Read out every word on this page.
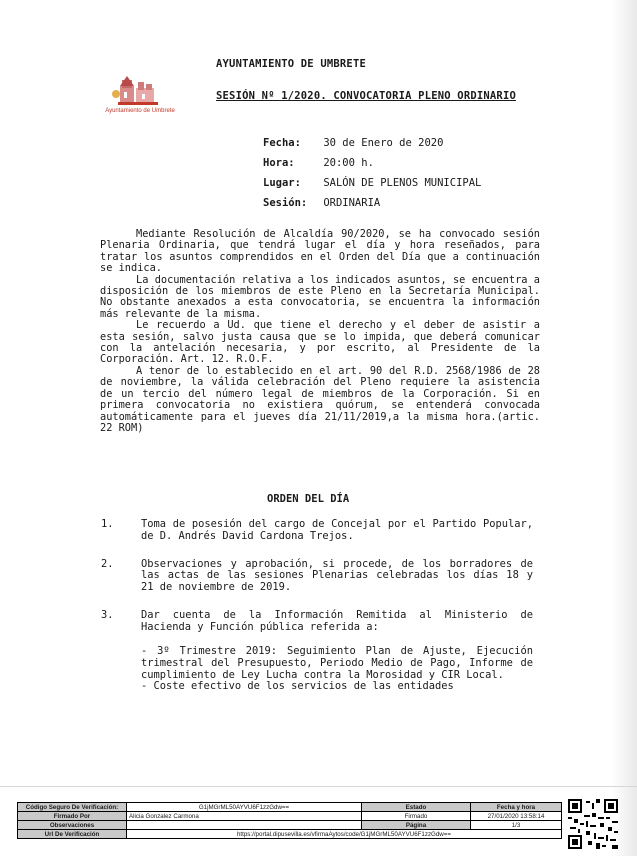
Ayuntamiento de Umbrete
AYUNTAMIENTO DE UMBRETE
SESIÓN Nº 1/2020. CONVOCATORIA PLENO ORDINARIO
Fecha: 30 de Enero de 2020
Hora:	20:00 h.
Lugar: SALÓN DE PLENOS MUNICIPAL
Sesión: ORDINARIA

Mediante Resolución de Alcaldía 90/2020, se ha convocado sesión Plenaria Ordinaria, que tendrá lugar el día y hora reseñados, para tratar los asuntos comprendidos en el Orden del Día que a continuación se indica.

La documentación relativa a los indicados asuntos, se encuentra a disposición de los miembros de este Pleno en la Secretaría Municipal. No obstante anexados a esta convocatoria, se encuentra la información más relevante de la misma.

Le recuerdo a Ud. que tiene el derecho y el deber de asistir a esta sesión, salvo justa causa que se lo impida, que deberá comunicar con la antelación necesaria, y por escrito, al Presidente de la Corporación. Art. 12. R.O.F.

A tenor de lo establecido en el art. 90 del R.D. 2568/1986 de 28 de noviembre, la válida celebración del Pleno requiere la asistencia de un tercio del número legal de miembros de la Corporación. Si en primera convocatoria no existiera quórum, se entenderá convocada automáticamente para el jueves día 21/11/2019,a la misma hora.(artic. 22 ROM)

ORDEN DEL DÍA
1.	Toma de posesión del cargo de Concejal por el Partido Popular, de D. Andrés David Cardona Trejos.
2.	Observaciones y aprobación, si procede, de los borradores de las actas de las sesiones Plenarias celebradas los días 18 y 21 de noviembre de 2019.
3.	Dar cuenta de la Información Remitida al Ministerio de Hacienda y Función pública referida a:

- 3º Trimestre 2019: Seguimiento Plan de Ajuste, Ejecución trimestral del Presupuesto, Periodo Medio de Pago, Informe de cumplimiento de Ley Lucha contra la Morosidad y CIR Local.

- Coste efectivo de los servicios de las entidades

Código Seguro De Verificación:	G1jMGrML50AYVU6F1zzGdw==	Estado	Fecha y hora
Firmado Por	Alicia Gonzalez Carmona	Firmado	27/01/2020 13:58:14
Observaciones		Página	1/3
Url De Verificación	https://portal.dipusevilla.es/vfirmaAytos/code/G1jMGrML50AYVU6F1zzGdw==		
